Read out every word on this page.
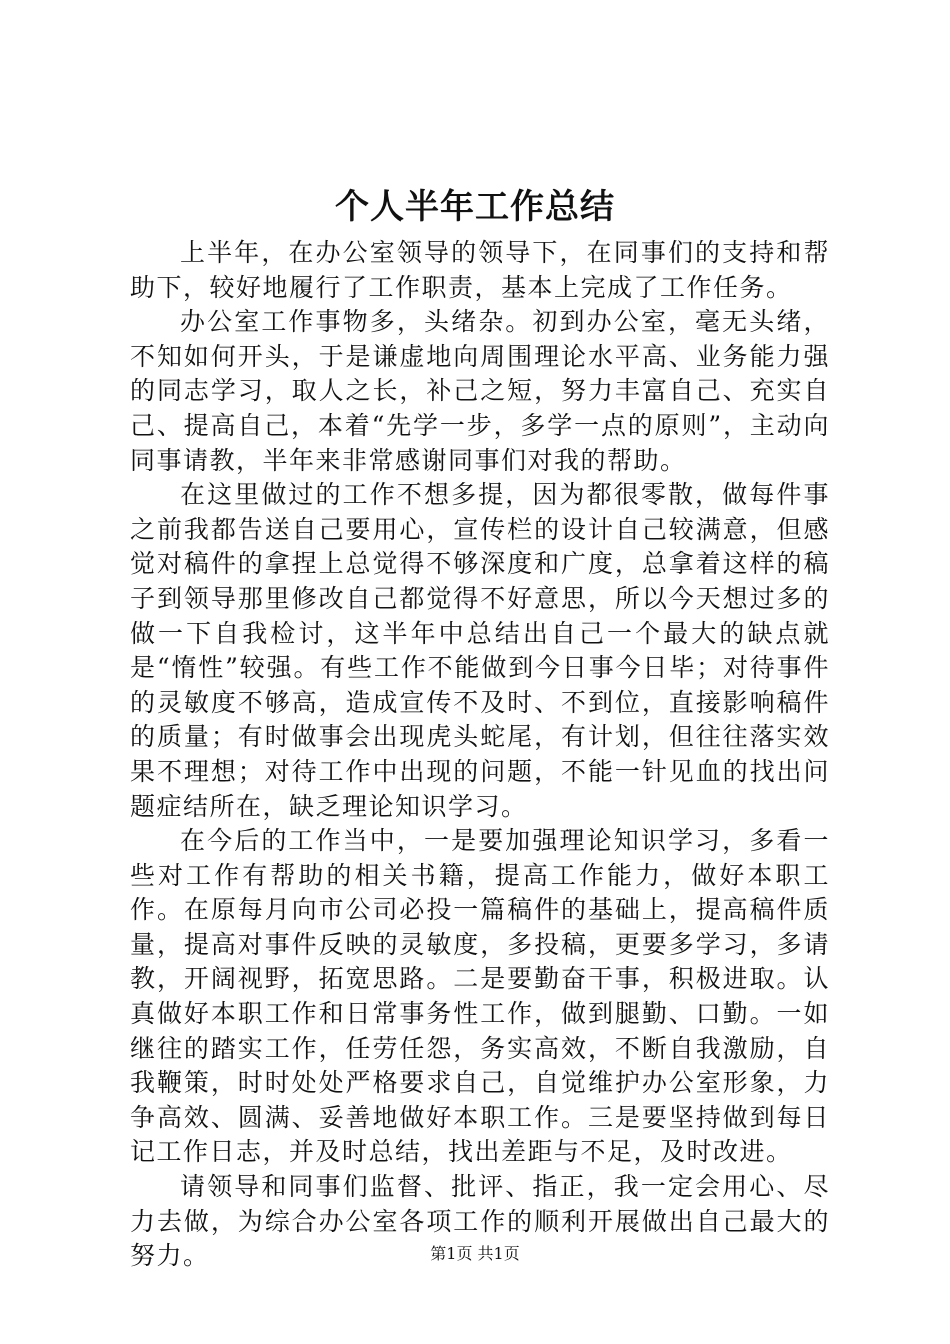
个人半年工作总结

上半年，在办公室领导的领导下，在同事们的支持和帮助下，较好地履行了工作职责，基本上完成了工作任务。

办公室工作事物多，头绪杂。初到办公室，毫无头绪，不知如何开头，于是谦虚地向周围理论水平高、业务能力强的同志学习，取人之长，补己之短，努力丰富自己、充实自己、提高自己，本着“先学一步，多学一点的原则”，主动向同事请教，半年来非常感谢同事们对我的帮助。

在这里做过的工作不想多提，因为都很零散，做每件事之前我都告送自己要用心，宣传栏的设计自己较满意，但感觉对稿件的拿捏上总觉得不够深度和广度，总拿着这样的稿子到领导那里修改自己都觉得不好意思，所以今天想过多的做一下自我检讨，这半年中总结出自己一个最大的缺点就是“惰性”较强。有些工作不能做到今日事今日毕；对待事件的灵敏度不够高，造成宣传不及时、不到位，直接影响稿件的质量；有时做事会出现虎头蛇尾，有计划，但往往落实效果不理想；对待工作中出现的问题，不能一针见血的找出问题症结所在，缺乏理论知识学习。

在今后的工作当中，一是要加强理论知识学习，多看一些对工作有帮助的相关书籍，提高工作能力，做好本职工作。在原每月向市公司必投一篇稿件的基础上，提高稿件质量，提高对事件反映的灵敏度，多投稿，更要多学习，多请教，开阔视野，拓宽思路。二是要勤奋干事，积极进取。认真做好本职工作和日常事务性工作，做到腿勤、口勤。一如继往的踏实工作，任劳任怨，务实高效，不断自我激励，自我鞭策，时时处处严格要求自己，自觉维护办公室形象，力争高效、圆满、妥善地做好本职工作。三是要坚持做到每日记工作日志，并及时总结，找出差距与不足，及时改进。

请领导和同事们监督、批评、指正，我一定会用心、尽力去做，为综合办公室各项工作的顺利开展做出自己最大的努力。	第1页 共1页
